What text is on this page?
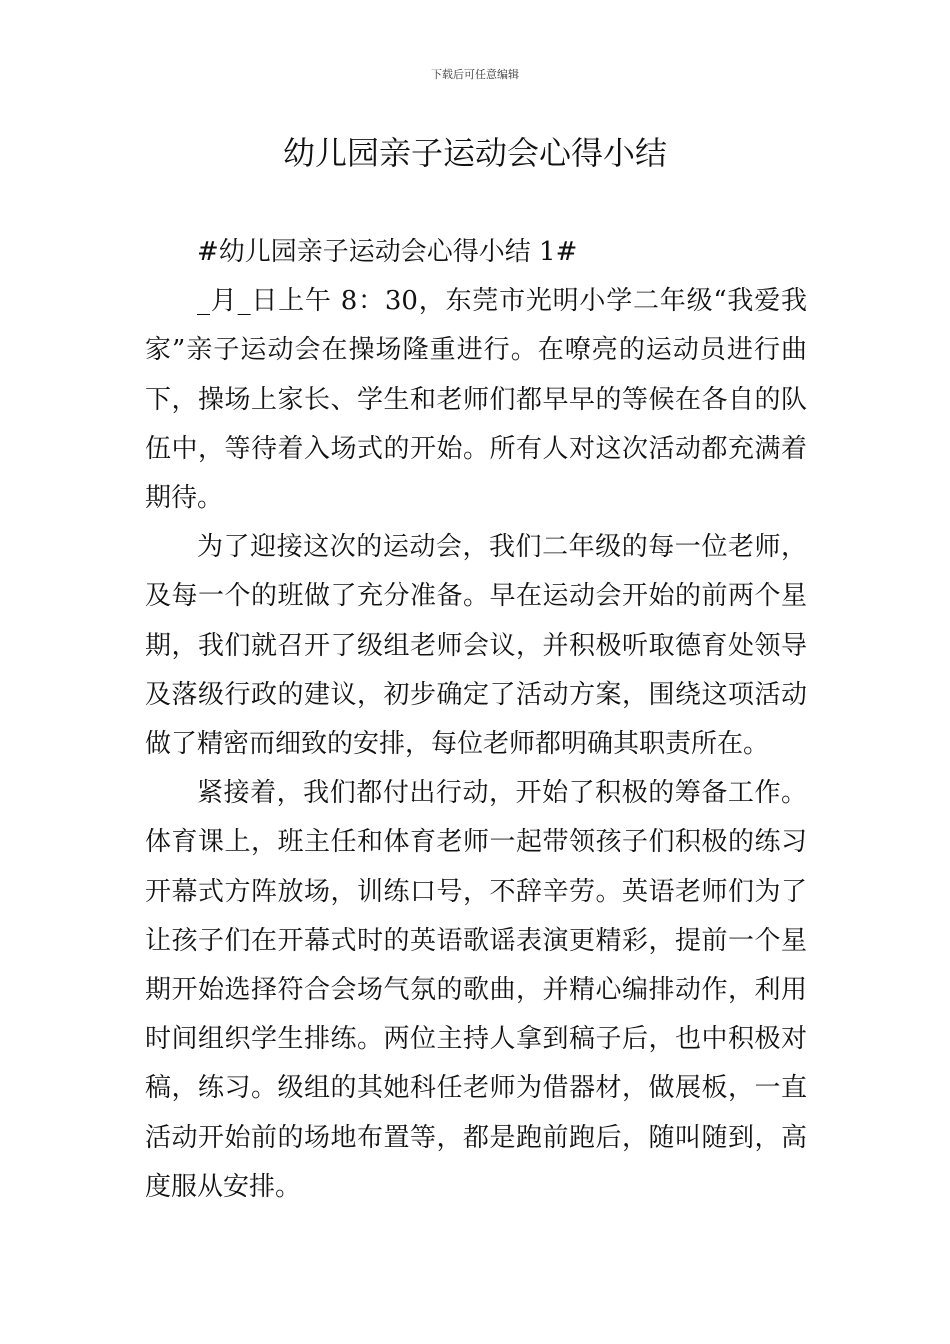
下载后可任意编辑
幼儿园亲子运动会心得小结

#幼儿园亲子运动会心得小结 1#

_月_日上午 8：30，东莞市光明小学二年级“我爱我家”亲子运动会在操场隆重进行。在嘹亮的运动员进行曲下，操场上家长、学生和老师们都早早的等候在各自的队伍中，等待着入场式的开始。所有人对这次活动都充满着期待。

为了迎接这次的运动会，我们二年级的每一位老师，及每一个的班做了充分准备。早在运动会开始的前两个星期，我们就召开了级组老师会议，并积极听取德育处领导及落级行政的建议，初步确定了活动方案，围绕这项活动做了精密而细致的安排，每位老师都明确其职责所在。

紧接着，我们都付出行动，开始了积极的筹备工作。体育课上，班主任和体育老师一起带领孩子们积极的练习开幕式方阵放场，训练口号，不辞辛劳。英语老师们为了让孩子们在开幕式时的英语歌谣表演更精彩，提前一个星期开始选择符合会场气氛的歌曲，并精心编排动作，利用时间组织学生排练。两位主持人拿到稿子后，也中积极对稿，练习。级组的其她科任老师为借器材，做展板，一直活动开始前的场地布置等，都是跑前跑后，随叫随到，高度服从安排。
